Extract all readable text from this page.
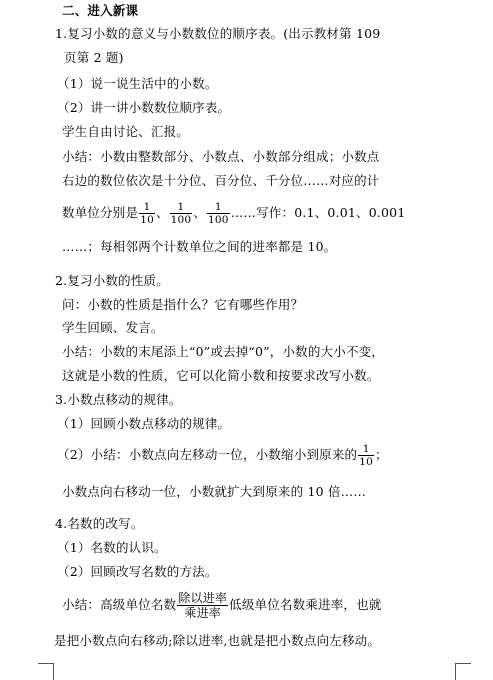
二、进入新课
1.复习小数的意义与小数数位的顺序表。(出示教材第 109
页第 2 题)
（1）说一说生活中的小数。
（2）讲一讲小数数位顺序表。
学生自由讨论、汇报。
小结：小数由整数部分、小数点、小数部分组成；小数点
右边的数位依次是十分位、百分位、千分位……对应的计
数单位分别是 $\frac{1}{10}$ 、 $\frac{1}{100}$ 、 $\frac{1}{100}$ ……写作：0.1、0.01、0.001
……；每相邻两个计数单位之间的进率都是 10。
2.复习小数的性质。
问：小数的性质是指什么？它有哪些作用？
学生回顾、发言。
小结：小数的末尾添上“0”或去掉“0”，小数的大小不变，
这就是小数的性质，它可以化简小数和按要求改写小数。
3.小数点移动的规律。
（1）回顾小数点移动的规律。
（2）小结：小数点向左移动一位，小数缩小到原来的 $\frac{1}{10}$ ；
小数点向右移动一位，小数就扩大到原来的 10 倍……
4.名数的改写。
（1）名数的认识。
（2）回顾改写名数的方法。
小结：高级单位名数 $\frac{\text{除以进率}}{\text{乘进率}}$ 低级单位名数乘进率，也就
是把小数点向右移动;除以进率,也就是把小数点向左移动。
